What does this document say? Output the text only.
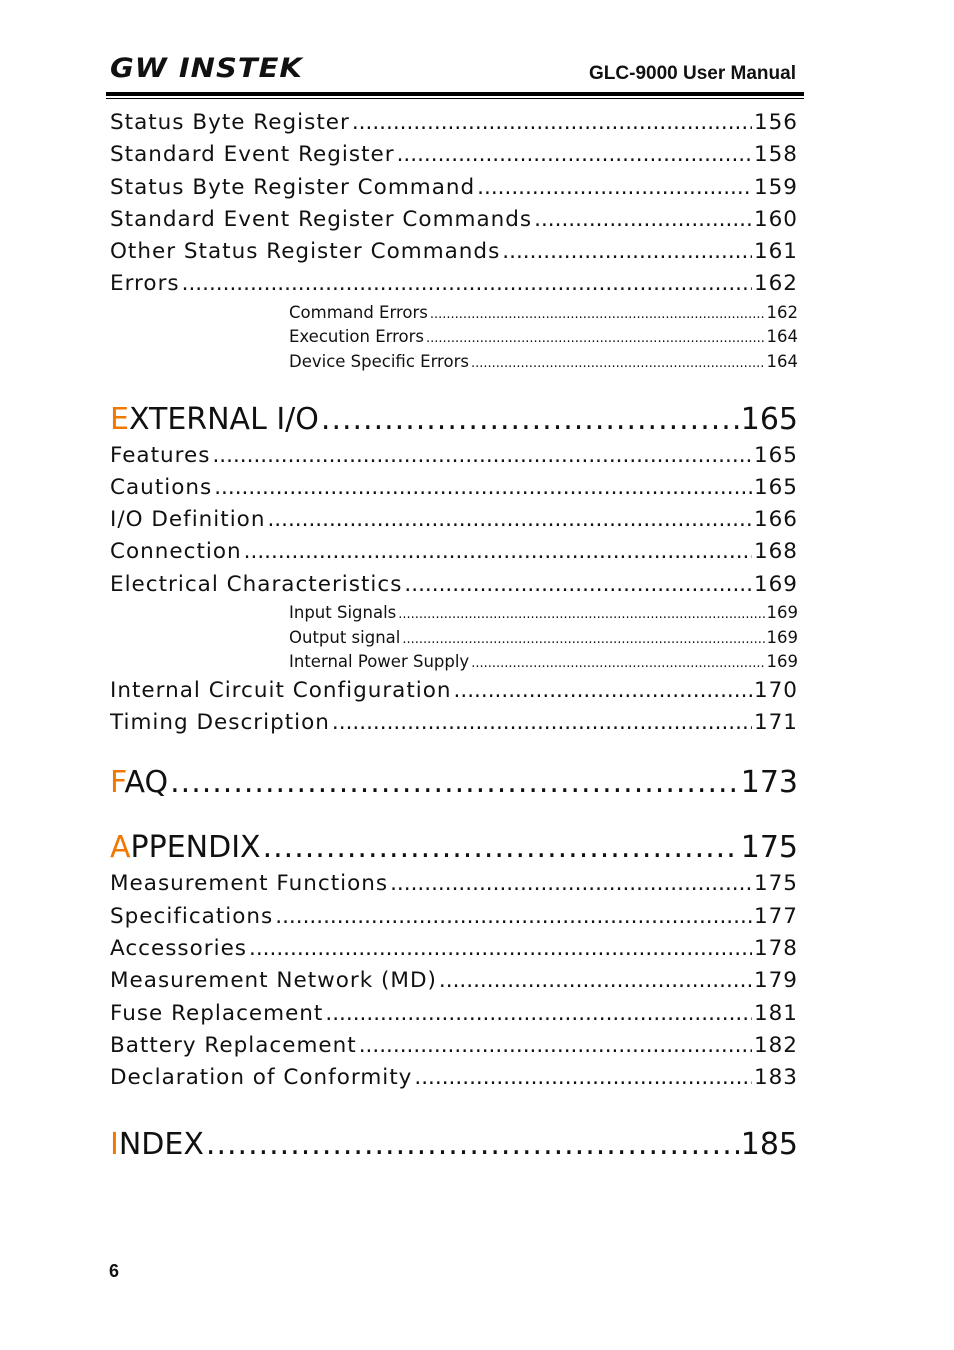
GW INSTEK	GLC-9000 User Manual
Status Byte Register .....	156
Standard Event Register .....	158
Status Byte Register Command .....	159
Standard Event Register Commands .....	160
Other Status Register Commands .....	161
Errors .....	162
Command Errors .....	162
Execution Errors .....	164
Device Specific Errors .....	164
EXTERNAL I/O .....	165
Features .....	165
Cautions .....	165
I/O Definition .....	166
Connection .....	168
Electrical Characteristics .....	169
Input Signals .....	169
Output signal .....	169
Internal Power Supply .....	169
Internal Circuit Configuration .....	170
Timing Description .....	171
FAQ .....	173
APPENDIX .....	175
Measurement Functions .....	175
Specifications .....	177
Accessories .....	178
Measurement Network (MD) .....	179
Fuse Replacement .....	181
Battery Replacement .....	182
Declaration of Conformity .....	183
INDEX .....	185
6
